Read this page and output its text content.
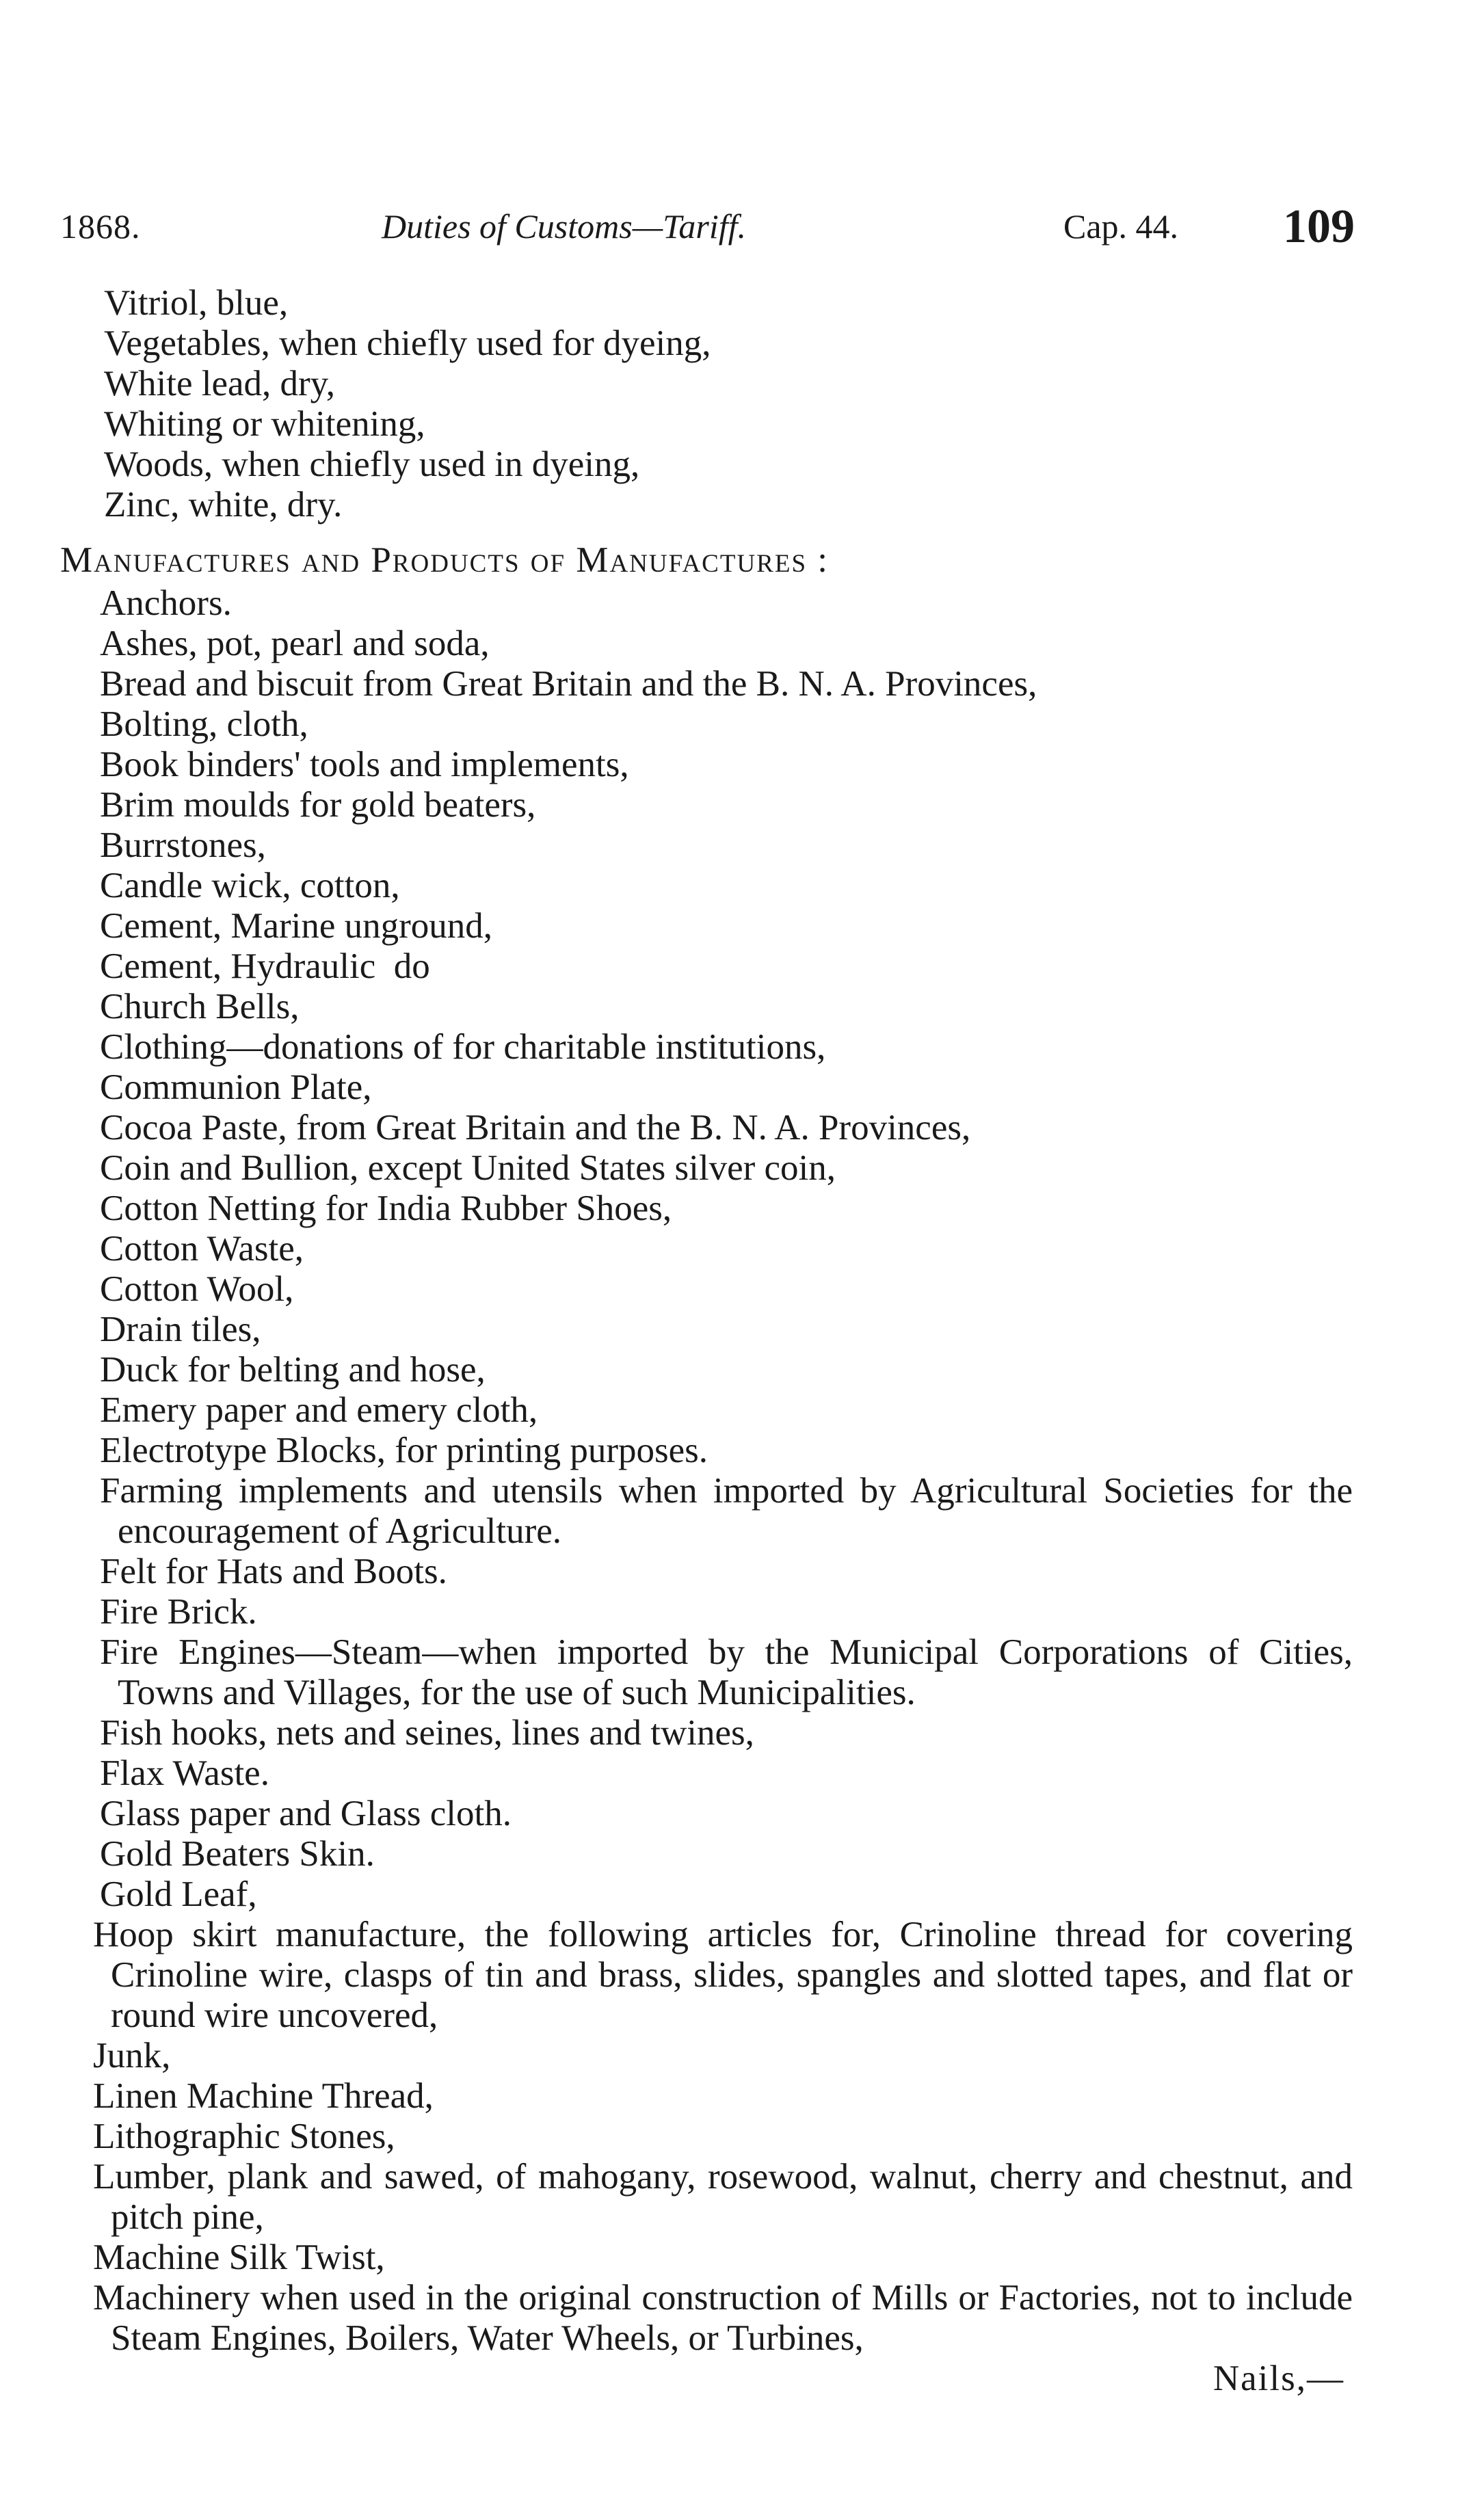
1868.	Duties of Customs—Tariff.	Cap. 44. 109
Vitriol, blue,
Vegetables, when chiefly used for dyeing,
White lead, dry,
Whiting or whitening,
Woods, when chiefly used in dyeing,
Zinc, white, dry.
Manufactures and Products of Manufactures :
Anchors.
Ashes, pot, pearl and soda,
Bread and biscuit from Great Britain and the B. N. A. Provinces,
Bolting, cloth,
Book binders' tools and implements,
Brim moulds for gold beaters,
Burrstones,
Candle wick, cotton,
Cement, Marine unground,
Cement, Hydraulic  do
Church Bells,
Clothing—donations of for charitable institutions,
Communion Plate,
Cocoa Paste, from Great Britain and the B. N. A. Provinces,
Coin and Bullion, except United States silver coin,
Cotton Netting for India Rubber Shoes,
Cotton Waste,
Cotton Wool,
Drain tiles,
Duck for belting and hose,
Emery paper and emery cloth,
Electrotype Blocks, for printing purposes.
Farming implements and utensils when imported by Agricultural Societies for the encouragement of Agriculture.
Felt for Hats and Boots.
Fire Brick.
Fire Engines—Steam—when imported by the Municipal Corporations of Cities, Towns and Villages, for the use of such Municipalities.
Fish hooks, nets and seines, lines and twines,
Flax Waste.
Glass paper and Glass cloth.
Gold Beaters Skin.
Gold Leaf,
Hoop skirt manufacture, the following articles for, Crinoline thread for covering Crinoline wire, clasps of tin and brass, slides, spangles and slotted tapes, and flat or round wire uncovered,
Junk,
Linen Machine Thread,
Lithographic Stones,
Lumber, plank and sawed, of mahogany, rosewood, walnut, cherry and chestnut, and pitch pine,
Machine Silk Twist,
Machinery when used in the original construction of Mills or Factories, not to include Steam Engines, Boilers, Water Wheels, or Turbines,
Nails,—
